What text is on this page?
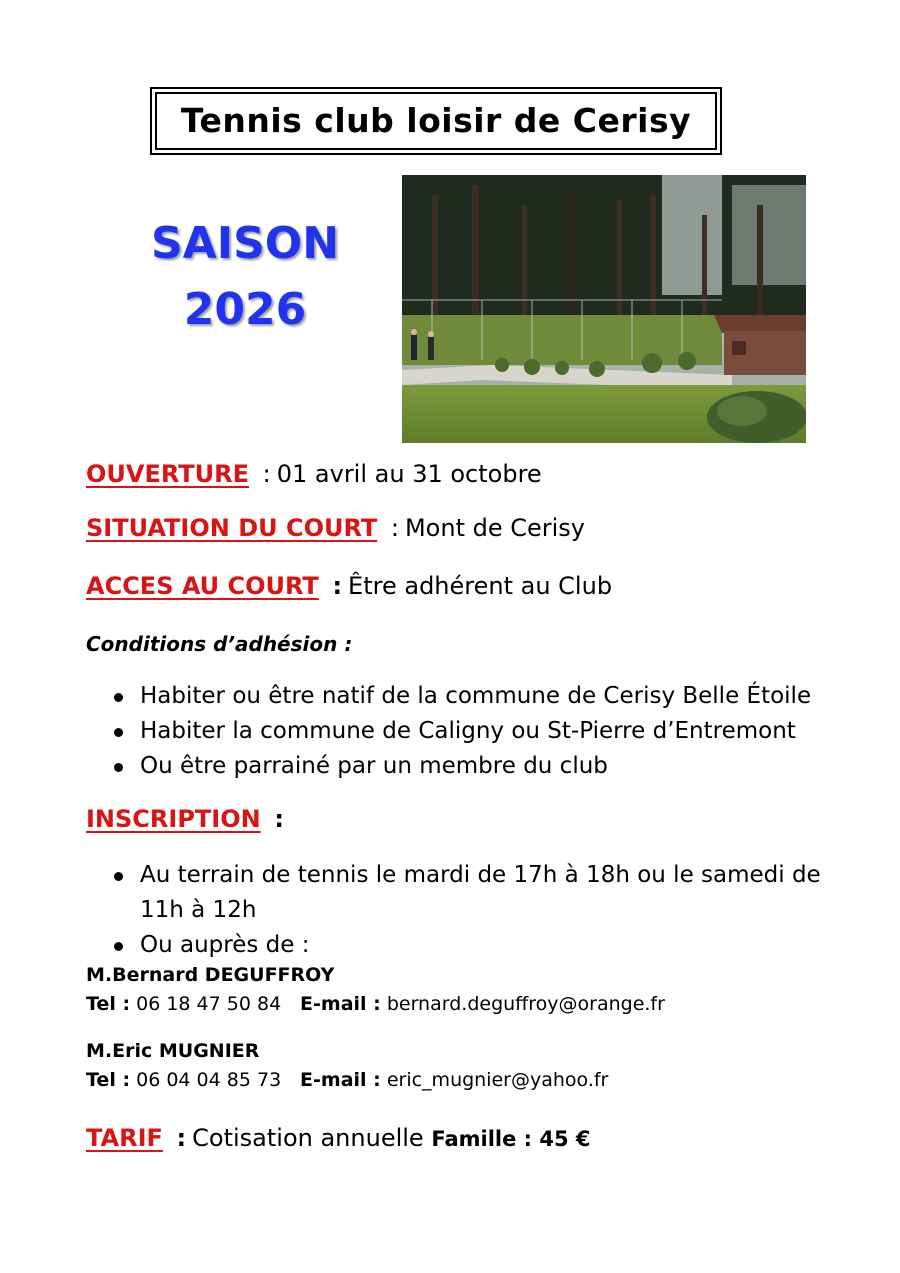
Tennis club loisir de Cerisy
SAISON
2026
OUVERTURE : 01 avril au 31 octobre
SITUATION DU COURT : Mont de Cerisy
ACCES AU COURT : Être adhérent au Club
Conditions d’adhésion :
Habiter ou être natif de la commune de Cerisy Belle Étoile
Habiter la commune de Caligny ou St-Pierre d’Entremont
Ou être parrainé par un membre du club
INSCRIPTION :
Au terrain de tennis le mardi de 17h à 18h ou le samedi de
11h à 12h
Ou auprès de :
M.Bernard DEGUFFROY
Tel : 06 18 47 50 84 E-mail : bernard.deguffroy@orange.fr
M.Eric MUGNIER
Tel : 06 04 04 85 73 E-mail : eric_mugnier@yahoo.fr
TARIF : Cotisation annuelle Famille : 45 €
